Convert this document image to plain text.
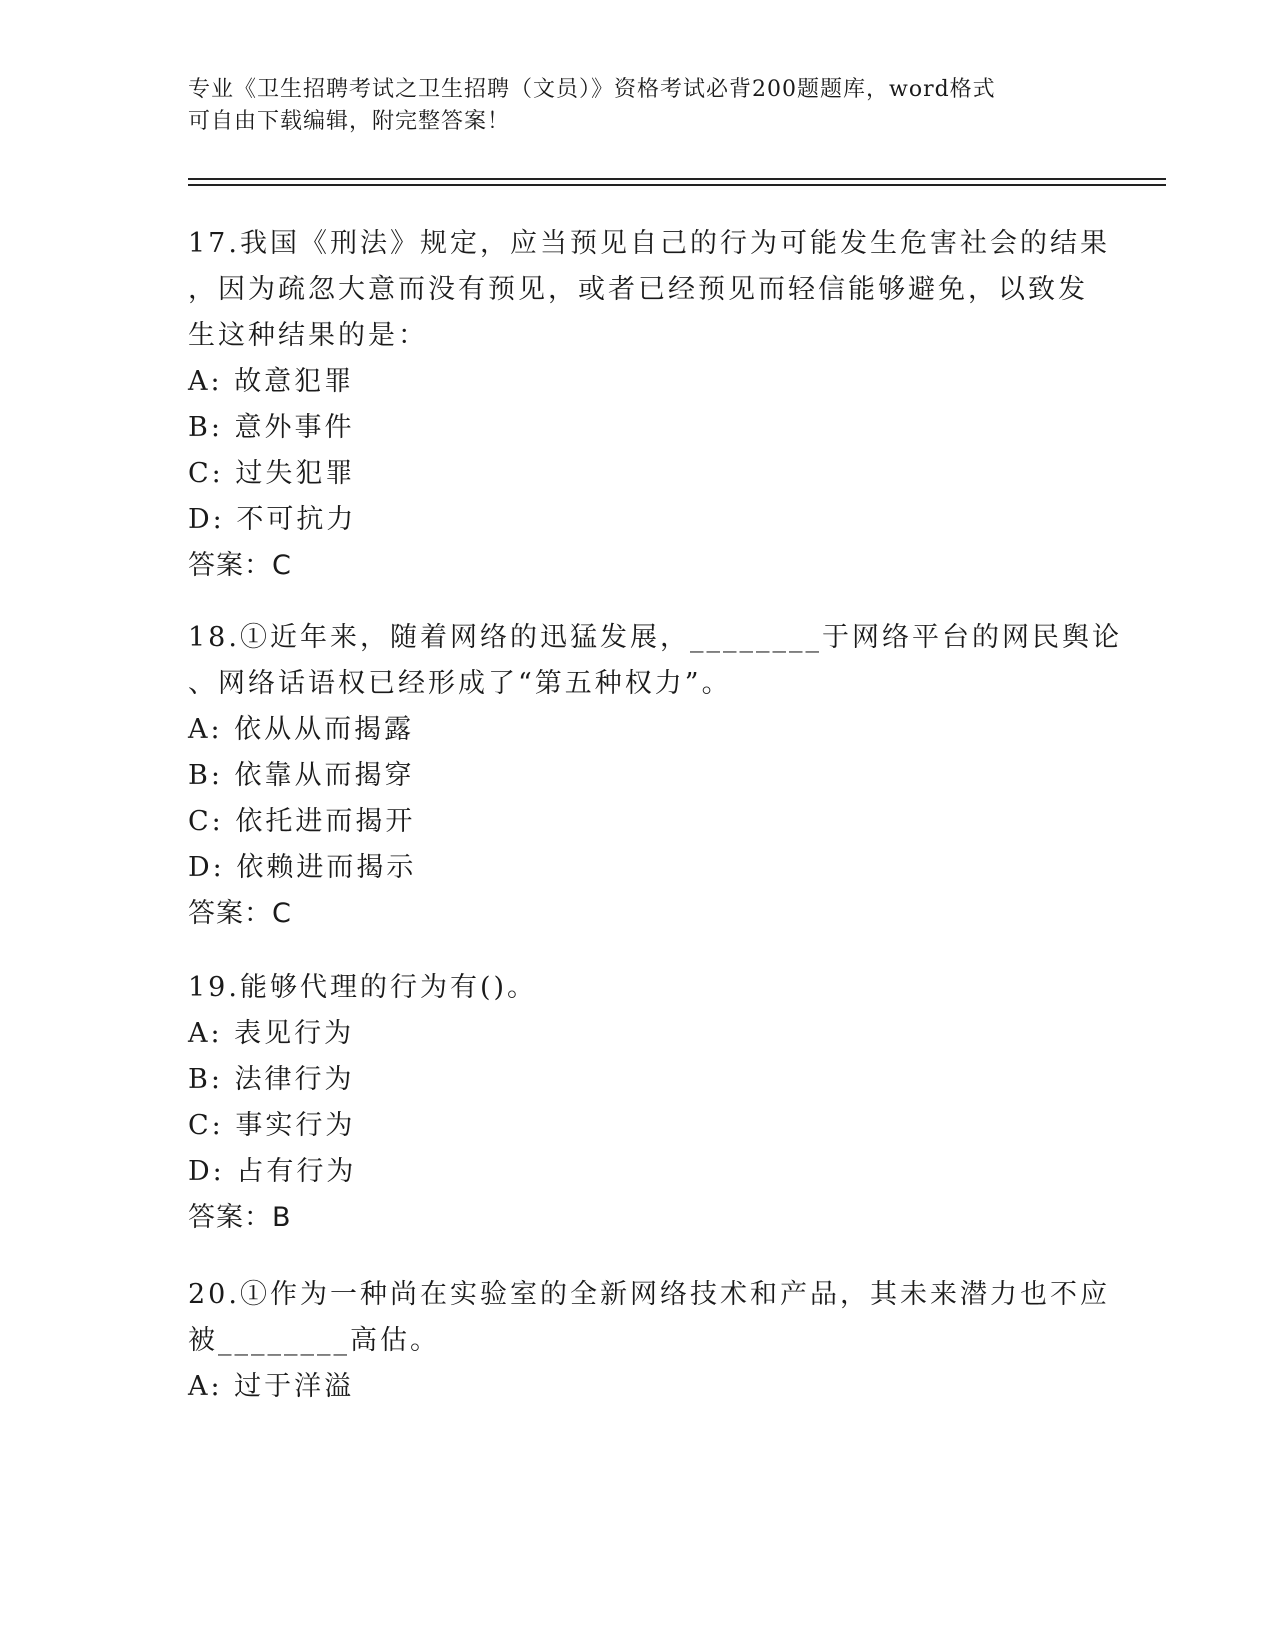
专业《卫生招聘考试之卫生招聘（文员）》资格考试必背200题题库，word格式
可自由下载编辑，附完整答案！
17.我国《刑法》规定，应当预见自己的行为可能发生危害社会的结果
，因为疏忽大意而没有预见，或者已经预见而轻信能够避免，以致发
生这种结果的是：
A: 故意犯罪
B: 意外事件
C: 过失犯罪
D: 不可抗力
答案：C
18.①近年来，随着网络的迅猛发展，________于网络平台的网民舆论
、网络话语权已经形成了“第五种权力”。
A: 依从从而揭露
B: 依靠从而揭穿
C: 依托进而揭开
D: 依赖进而揭示
答案：C
19.能够代理的行为有()。
A: 表见行为
B: 法律行为
C: 事实行为
D: 占有行为
答案：B
20.①作为一种尚在实验室的全新网络技术和产品，其未来潜力也不应
被________高估。
A: 过于洋溢
